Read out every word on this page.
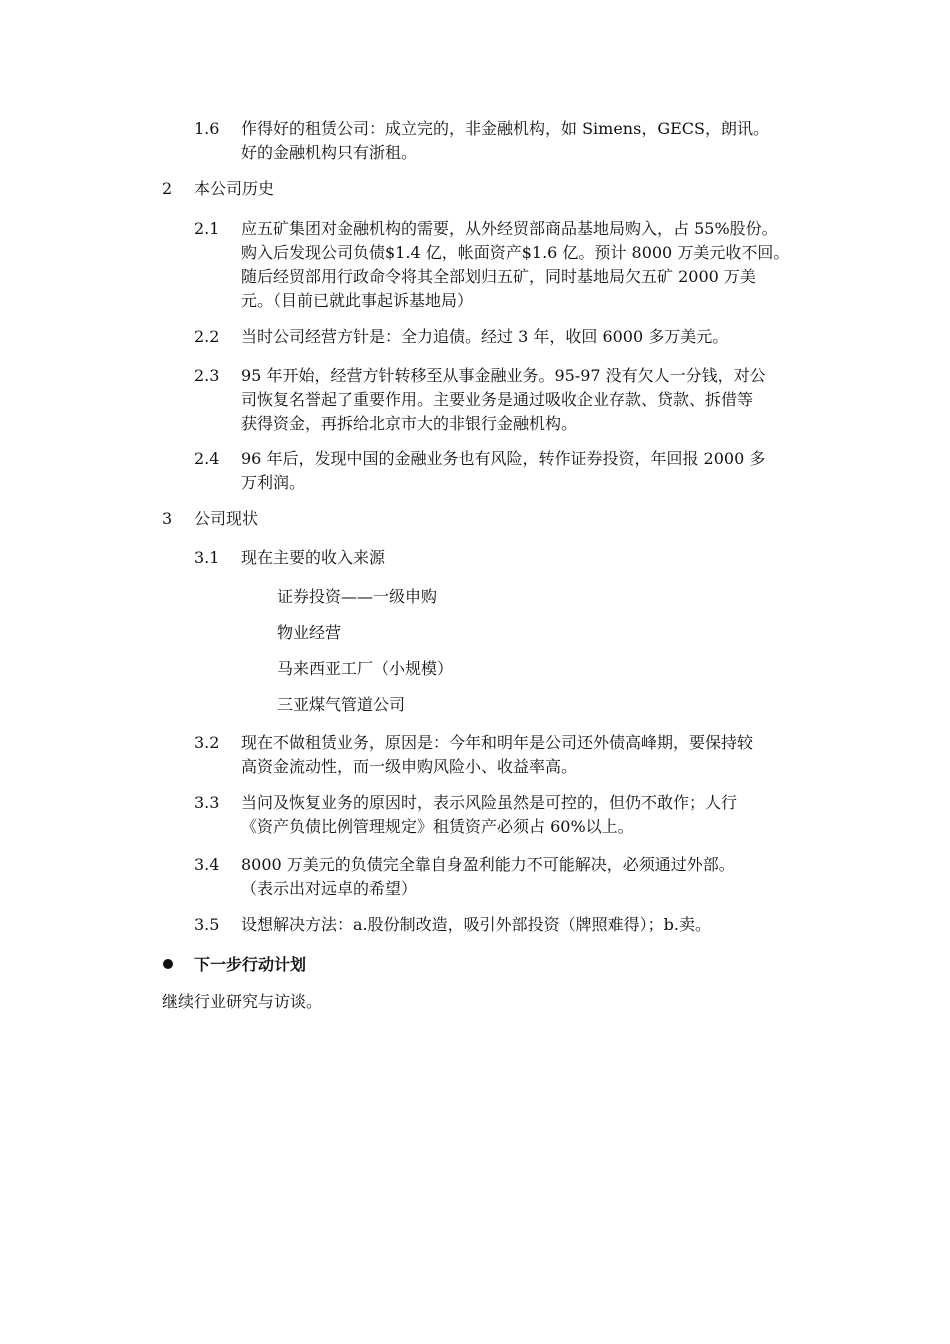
1.6 作得好的租赁公司：成立完的，非金融机构，如 Simens，GECS，朗讯。
好的金融机构只有浙租。
2 本公司历史
2.1 应五矿集团对金融机构的需要，从外经贸部商品基地局购入，占 55%股份。
购入后发现公司负债$1.4 亿，帐面资产$1.6 亿。预计 8000 万美元收不回。
随后经贸部用行政命令将其全部划归五矿，同时基地局欠五矿 2000 万美
元。（目前已就此事起诉基地局）
2.2 当时公司经营方针是：全力追债。经过 3 年，收回 6000 多万美元。
2.3 95 年开始，经营方针转移至从事金融业务。95-97 没有欠人一分钱，对公
司恢复名誉起了重要作用。主要业务是通过吸收企业存款、贷款、拆借等
获得资金，再拆给北京市大的非银行金融机构。
2.4 96 年后，发现中国的金融业务也有风险，转作证券投资，年回报 2000 多
万利润。
3 公司现状
3.1 现在主要的收入来源
证券投资——一级申购
物业经营
马来西亚工厂（小规模）
三亚煤气管道公司
3.2 现在不做租赁业务，原因是：今年和明年是公司还外债高峰期，要保持较
高资金流动性，而一级申购风险小、收益率高。
3.3 当问及恢复业务的原因时，表示风险虽然是可控的，但仍不敢作；人行
《资产负债比例管理规定》租赁资产必须占 60%以上。
3.4 8000 万美元的负债完全靠自身盈利能力不可能解决，必须通过外部。
（表示出对远卓的希望）
3.5 设想解决方法：a.股份制改造，吸引外部投资（牌照难得）；b.卖。
下一步行动计划
继续行业研究与访谈。
